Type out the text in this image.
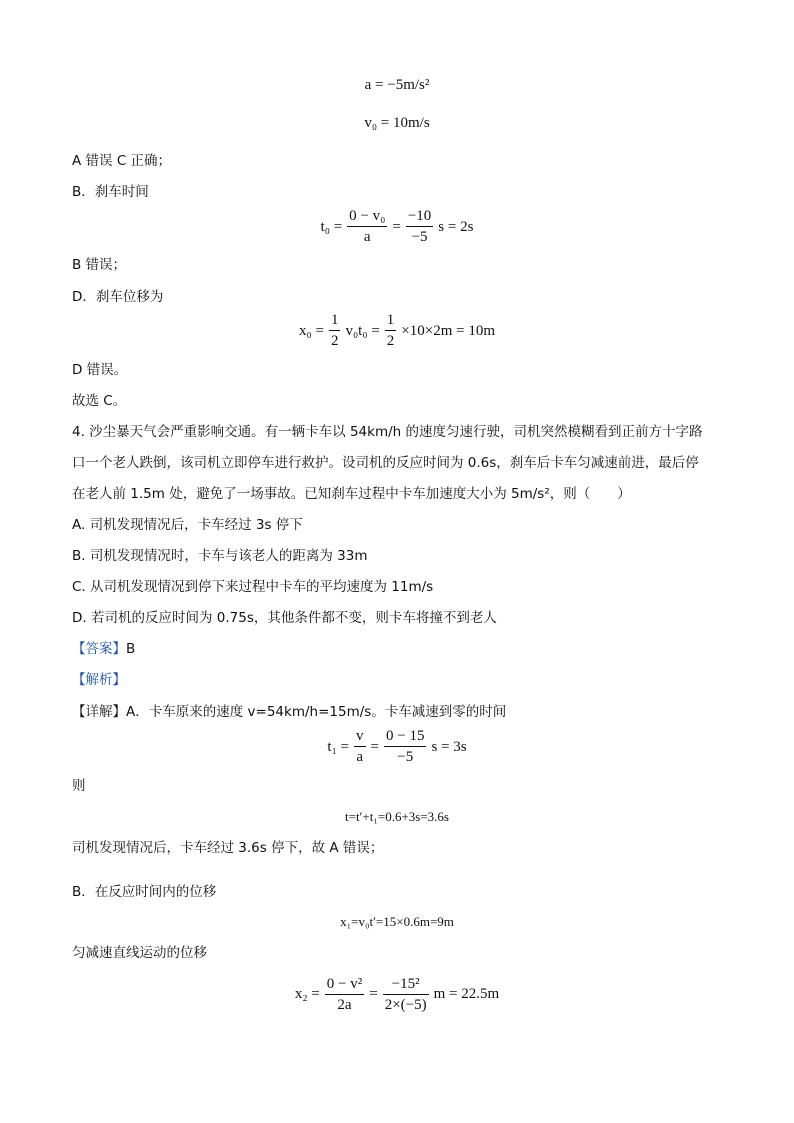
a = −5m/s²
v₀ = 10m/s
A 错误 C 正确；
B．刹车时间
$t_0 = \frac{\text{0 − v₀}}{a} = \frac{-10}{-5}$ s = 2s
B 错误；
D．刹车位移为
$x_0 = \frac{1}{2} v_0t_0 = \frac{1}{2} \times 10\times 2m = 10m$
D 错误。
故选 C。
4. 沙尘暴天气会严重影响交通。有一辆卡车以 54km/h 的速度匀速行驶，司机突然模糊看到正前方十字路
口一个老人跌倒，该司机立即停车进行救护。设司机的反应时间为 0.6s，刹车后卡车匀减速前进，最后停
在老人前 1.5m 处，避免了一场事故。已知刹车过程中卡车加速度大小为 5m/s²，则（　　）
A. 司机发现情况后，卡车经过 3s 停下
B. 司机发现情况时，卡车与该老人的距离为 33m
C. 从司机发现情况到停下来过程中卡车的平均速度为 11m/s
D. 若司机的反应时间为 0.75s，其他条件都不变，则卡车将撞不到老人
【答案】B
【解析】
【详解】A．卡车原来的速度 v=54km/h=15m/s。卡车减速到零的时间
$t_1 = \frac{v}{a} = \frac{0 - 15}{-5}$ s = 3s
则
t=t′+t₁=0.6+3s=3.6s
司机发现情况后，卡车经过 3.6s 停下，故 A 错误；
B．在反应时间内的位移
x₁=v₀t′=15×0.6m=9m
匀减速直线运动的位移
$x_2 = \frac{\text{0 − v²}}{2a} = \frac{\text{−15²}}{2\times(-5)}$ m = 22.5m
